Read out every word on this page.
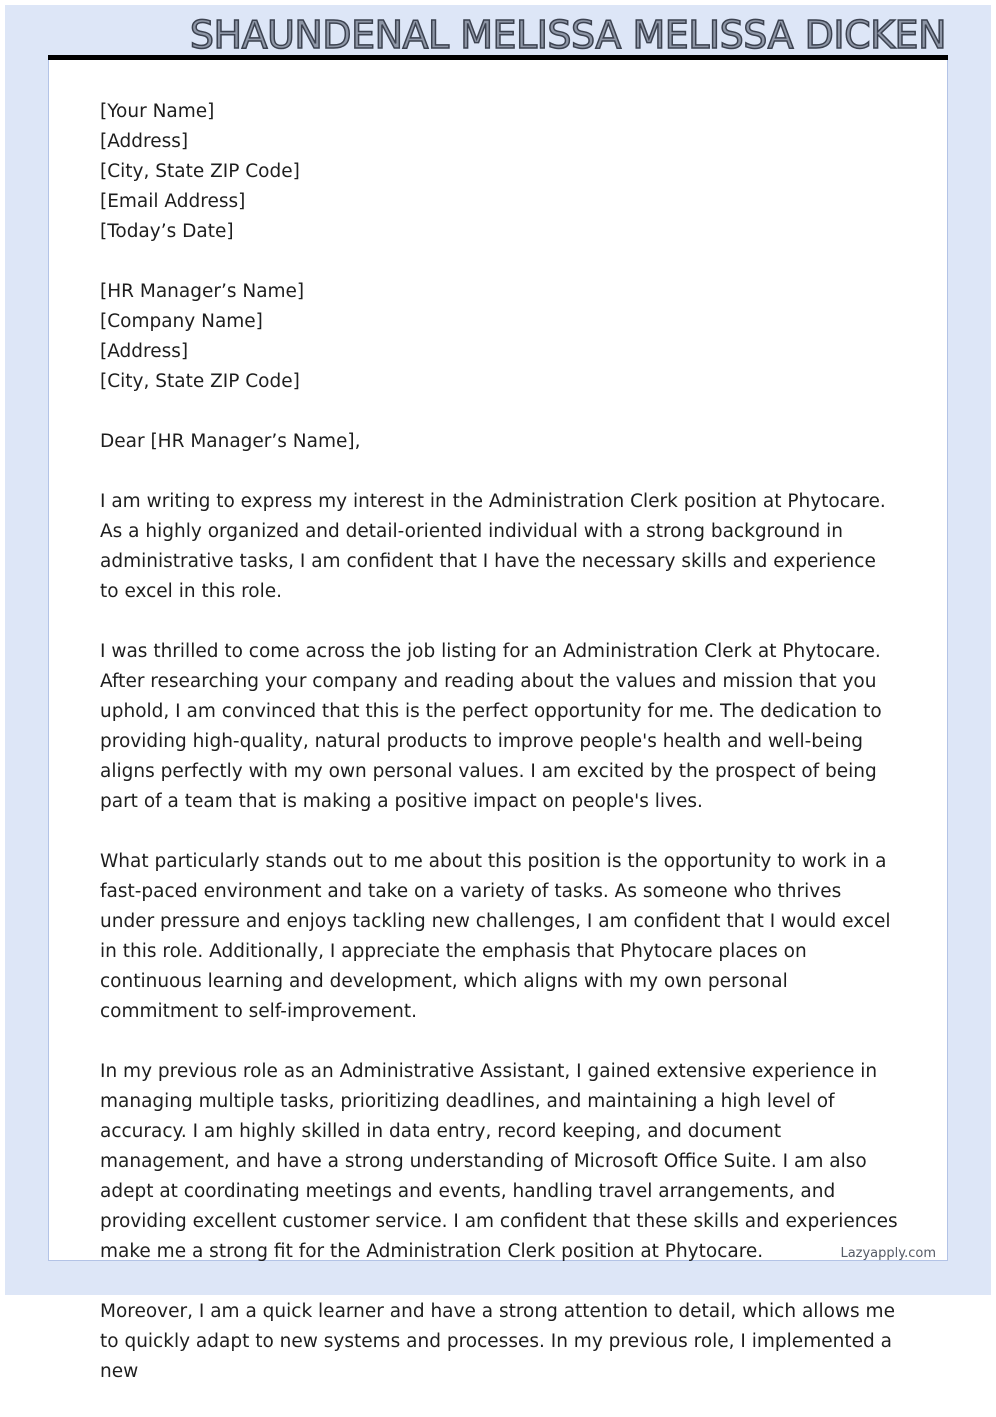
SHAUNDENAL MELISSA MELISSA DICKEN
[Your Name]
[Address]
[City, State ZIP Code]
[Email Address]
[Today’s Date]
[HR Manager’s Name]
[Company Name]
[Address]
[City, State ZIP Code]

Dear [HR Manager’s Name],

I am writing to express my interest in the Administration Clerk position at Phytocare. As a highly organized and detail-oriented individual with a strong background in administrative tasks, I am confident that I have the necessary skills and experience to excel in this role.

I was thrilled to come across the job listing for an Administration Clerk at Phytocare. After researching your company and reading about the values and mission that you uphold, I am convinced that this is the perfect opportunity for me. The dedication to providing high-quality, natural products to improve people's health and well-being aligns perfectly with my own personal values. I am excited by the prospect of being part of a team that is making a positive impact on people's lives.

What particularly stands out to me about this position is the opportunity to work in a fast-paced environment and take on a variety of tasks. As someone who thrives under pressure and enjoys tackling new challenges, I am confident that I would excel in this role. Additionally, I appreciate the emphasis that Phytocare places on continuous learning and development, which aligns with my own personal commitment to self-improvement.

In my previous role as an Administrative Assistant, I gained extensive experience in managing multiple tasks, prioritizing deadlines, and maintaining a high level of accuracy. I am highly skilled in data entry, record keeping, and document management, and have a strong understanding of Microsoft Office Suite. I am also adept at coordinating meetings and events, handling travel arrangements, and providing excellent customer service. I am confident that these skills and experiences make me a strong fit for the Administration Clerk position at Phytocare.

Moreover, I am a quick learner and have a strong attention to detail, which allows me to quickly adapt to new systems and processes. In my previous role, I implemented a new

Lazyapply.com
